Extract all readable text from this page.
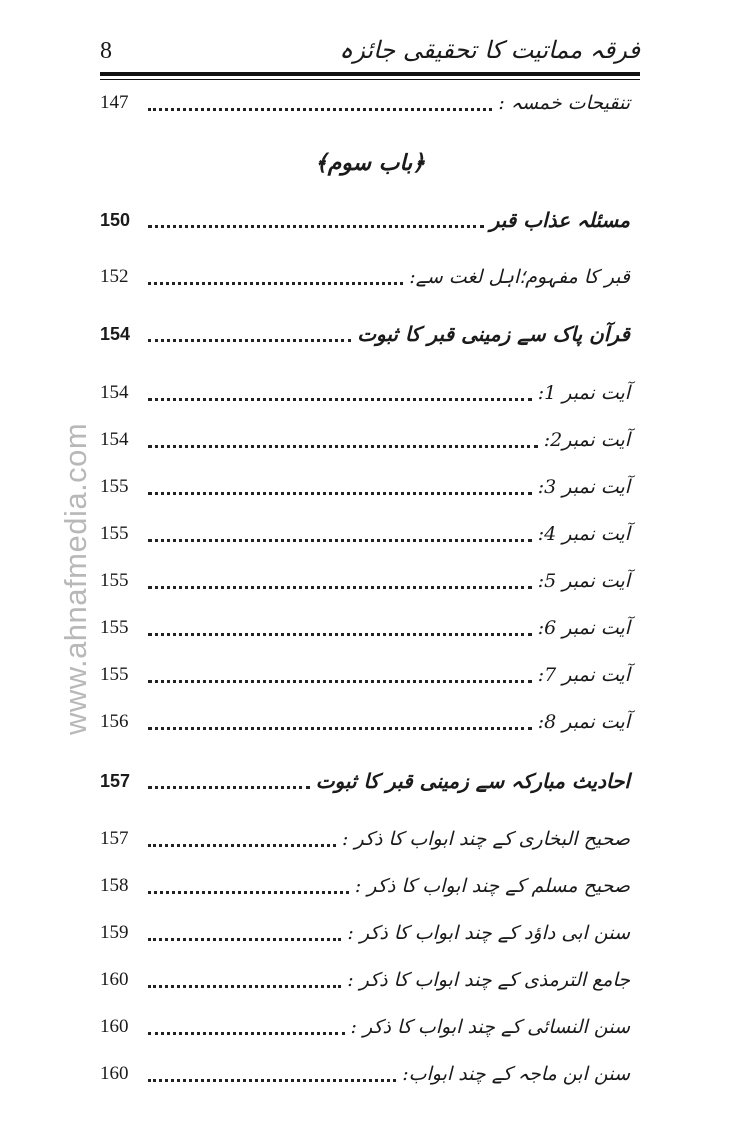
8	فرقہ مماتیت کا تحقیقی جائزہ
www.ahnafmedia.com
﴿باب سوم﴾
147	تنقیحات خمسہ :
150	مسئلہ عذاب قبر
152	قبر کا مفہوم؛اہل لغت سے:
154	قرآن پاک سے زمینی قبر کا ثبوت
154	آیت نمبر 1:
154	آیت نمبر2:
155	آیت نمبر 3:
155	آیت نمبر 4:
155	آیت نمبر 5:
155	آیت نمبر 6:
155	آیت نمبر 7:
156	آیت نمبر 8:
157	احادیث مبارکہ سے زمینی قبر کا ثبوت
157	صحیح البخاری کے چند ابواب کا ذکر :
158	صحیح مسلم کے چند ابواب کا ذکر :
159	سنن ابی داؤد کے چند ابواب کا ذکر :
160	جامع الترمذی کے چند ابواب کا ذکر :
160	سنن النسائی کے چند ابواب کا ذکر :
160	سنن ابن ماجہ کے چند ابواب:
